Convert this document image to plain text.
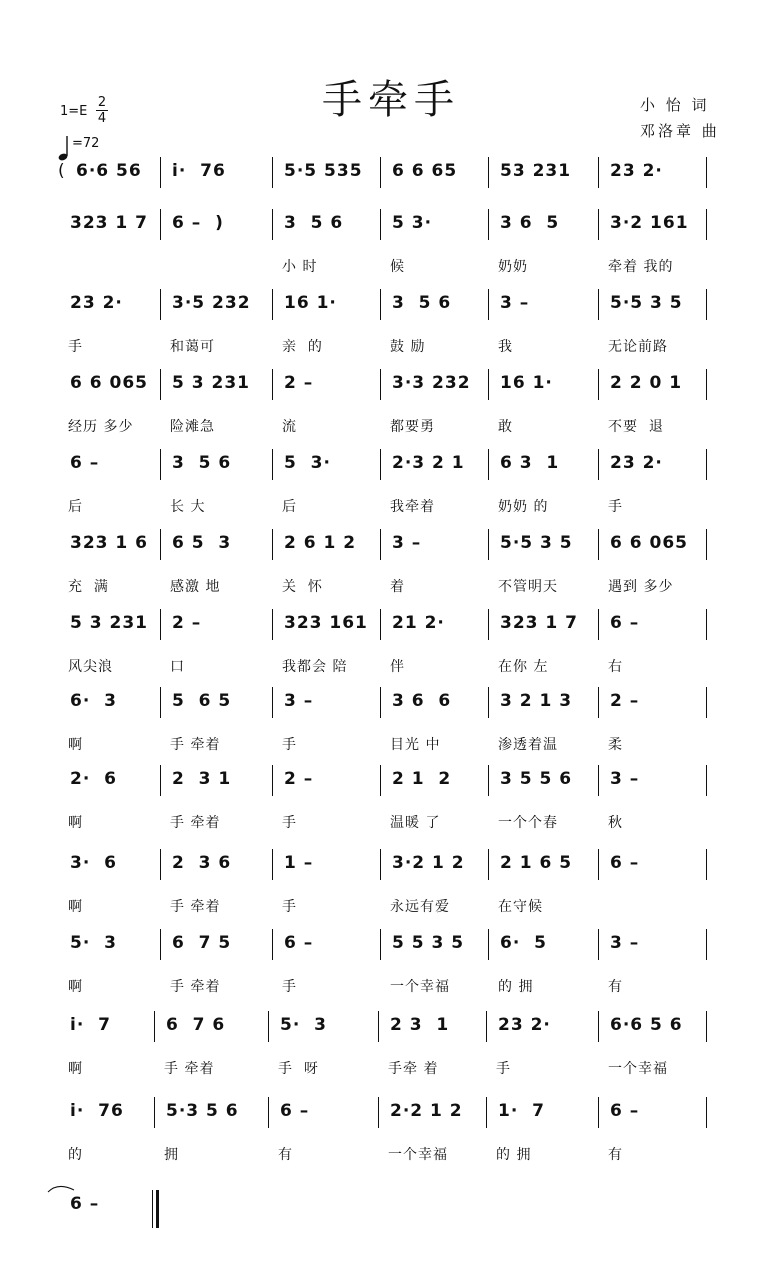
手牵手	小 怡 词
邓洛章 曲
1=E
2
4
=72
( 6·6 56 i·  76	5·5 535 6 6 65	53 231 23 2·
323 1 7 6 –  )	3  5 6
小 时
5 3·
候
3 6  5
奶奶
3·2 161
牵着 我的
23 2·
手
3·5 232
和蔼可
16 1·
亲  的
3  5 6
鼓 励
3 –
我
5·5 3 5
无论前路
6 6 065
经历 多少
5 3 231
险滩急
2 –
流
3·3 232
都要勇
16 1·
敢
2 2 0 1
不要  退
6 –
后
3  5 6
长 大
5  3·
后
2·3 2 1
我牵着
6 3  1
奶奶 的
23 2·
手
323 1 6
充  满
6 5  3
感激 地
2 6 1 2
关  怀
3 –
着
5·5 3 5
不管明天
6 6 065
遇到 多少
5 3 231
风尖浪
2 –
口
323 161
我都会 陪
21 2·
伴
323 1 7
在你 左
6 –
右
6·  3
啊
5  6 5
手 牵着
3 –
手
3 6  6
目光 中
3 2 1 3
渗透着温
2 –
柔
2·  6
啊
2  3 1
手 牵着
2 –
手
2 1  2
温暖 了
3 5 5 6
一个个春
3 –
秋
3·  6
啊
2  3 6
手 牵着
1 –
手
3·2 1 2
永远有爱
2 1 6 5
在守候
6 –
5·  3
啊
6  7 5
手 牵着
6 –
手
5 5 3 5
一个幸福
6·  5
的 拥
3 –
有
i·  7
啊
6  7 6
手 牵着
5·  3
手  呀
2 3  1
手牵 着
23 2·
手
6·6 5 6
一个幸福
i·  76
的
5·3 5 6
拥
6 –
有
2·2 1 2
一个幸福
1·  7
的 拥
6 –
有
6 –
